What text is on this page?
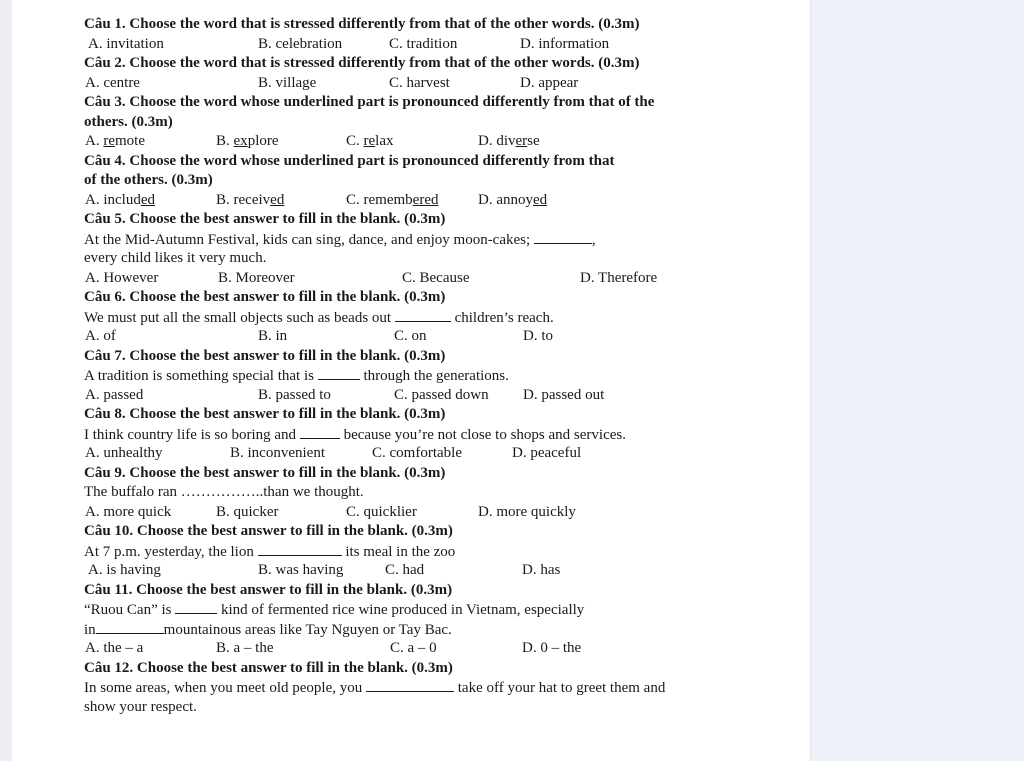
Câu 1. Choose the word that is stressed differently from that of the other words. (0.3m)
A. invitation	B. celebration	C. tradition	D. information
Câu 2. Choose the word that is stressed differently from that of the other words. (0.3m)
A. centre	B. village	C. harvest	D. appear
Câu 3. Choose the word whose underlined part is pronounced differently from that of the
others. (0.3m)
A. remote	B. explore	C. relax	D. diverse
Câu 4. Choose the word whose underlined part is pronounced differently from that
of the others. (0.3m)
A. included	B. received	C. remembered	D. annoyed
Câu 5. Choose the best answer to fill in the blank. (0.3m)
At the Mid-Autumn Festival, kids can sing, dance, and enjoy moon-cakes;	,
every child likes it very much.
A. However	B. Moreover	C. Because	D. Therefore
Câu 6. Choose the best answer to fill in the blank. (0.3m)
We must put all the small objects such as beads out	children’s reach.
A. of	B. in	C. on	D. to
Câu 7. Choose the best answer to fill in the blank. (0.3m)
A tradition is something special that is	through the generations.
A. passed	B. passed to	C. passed down D. passed out
Câu 8. Choose the best answer to fill in the blank. (0.3m)
I think country life is so boring and	because you’re not close to shops and services.
A. unhealthy	B. inconvenient	C. comfortable	D. peaceful
Câu 9. Choose the best answer to fill in the blank. (0.3m)
The buffalo ran ……………..than we thought.
A. more quick	B. quicker	C. quicklier	D. more quickly
Câu 10. Choose the best answer to fill in the blank. (0.3m)
At 7 p.m. yesterday, the lion	its meal in the zoo
A. is having	B. was having	C. had	D. has
Câu 11. Choose the best answer to fill in the blank. (0.3m)
“Ruou Can” is	kind of fermented rice wine produced in Vietnam, especially
in	mountainous areas like Tay Nguyen or Tay Bac.
A. the – a	B. a – the	C. a – 0	D. 0 – the
Câu 12. Choose the best answer to fill in the blank. (0.3m)
In some areas, when you meet old people, you	take off your hat to greet them and
show your respect.
